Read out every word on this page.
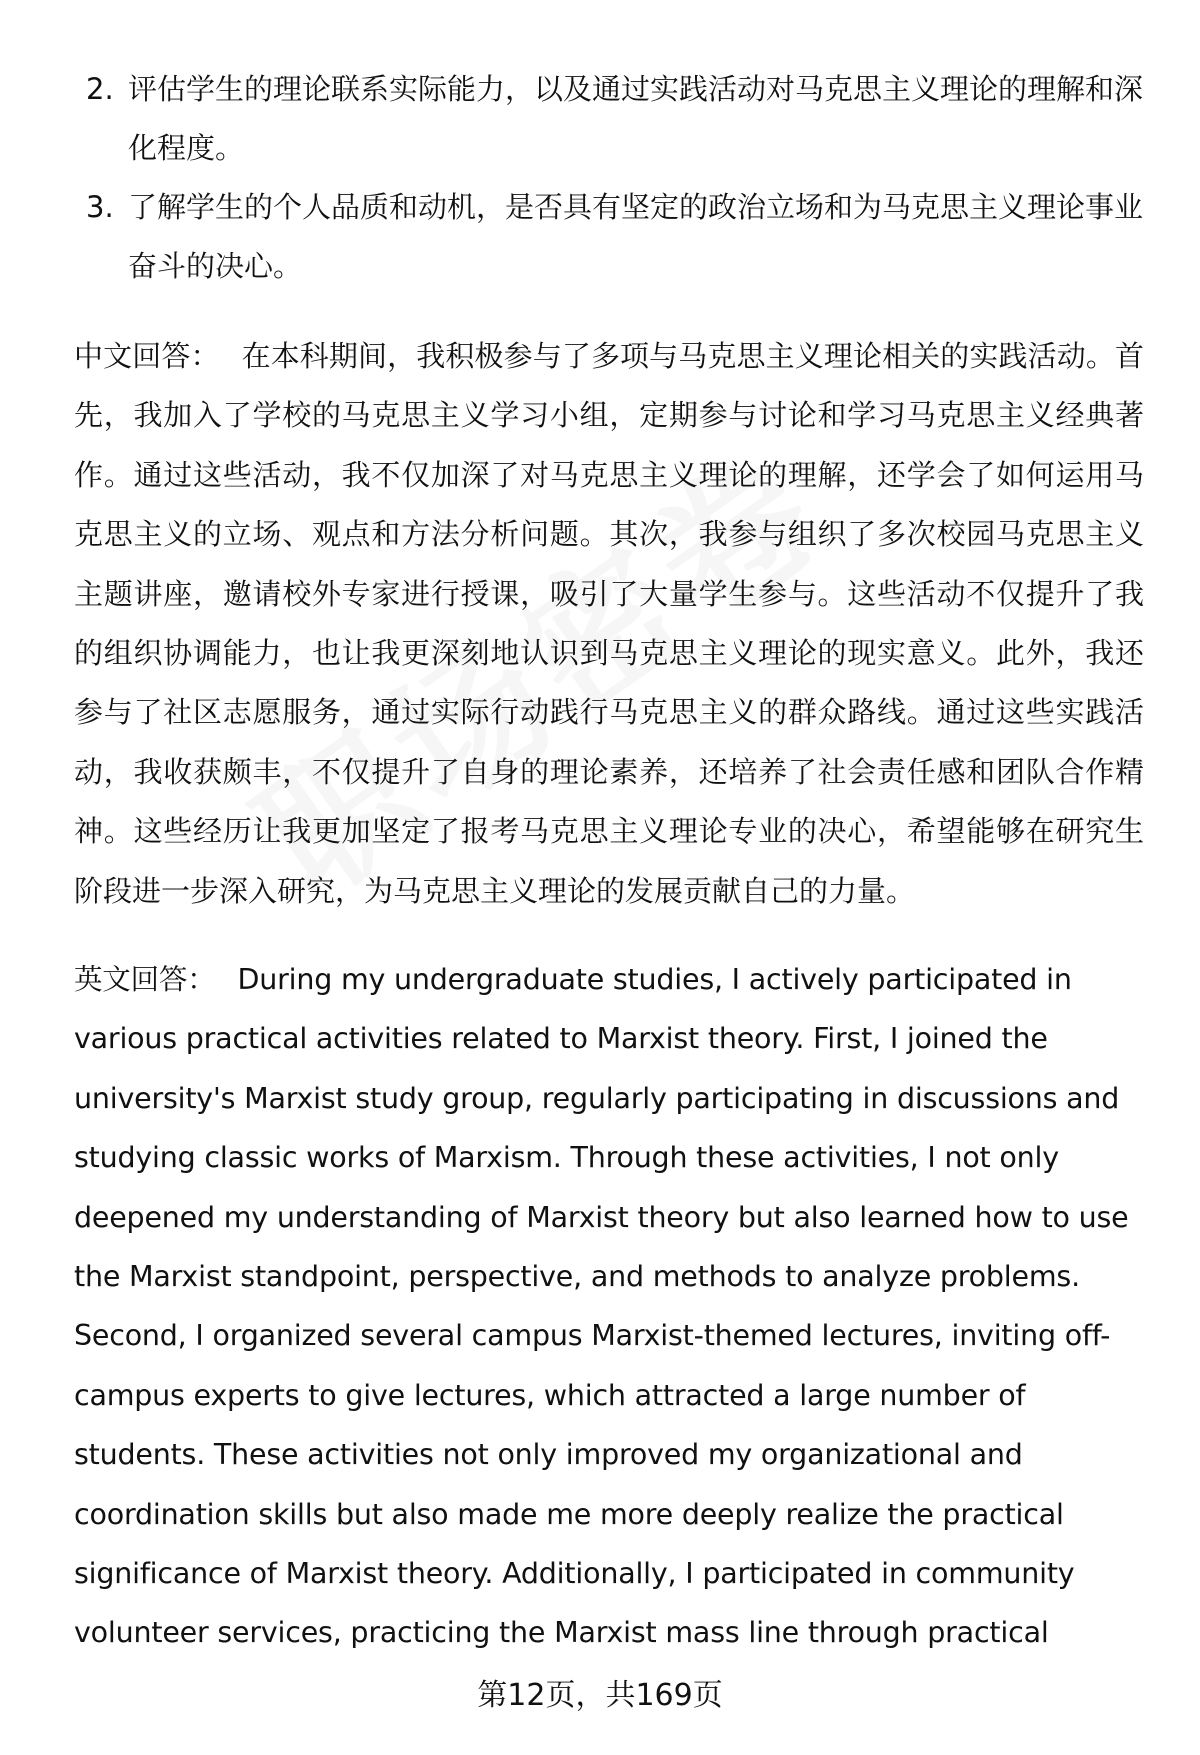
2. 评估学生的理论联系实际能力，以及通过实践活动对马克思主义理论的理解和深化程度。
3. 了解学生的个人品质和动机，是否具有坚定的政治立场和为马克思主义理论事业奋斗的决心。

中文回答： 在本科期间，我积极参与了多项与马克思主义理论相关的实践活动。首先，我加入了学校的马克思主义学习小组，定期参与讨论和学习马克思主义经典著作。通过这些活动，我不仅加深了对马克思主义理论的理解，还学会了如何运用马克思主义的立场、观点和方法分析问题。其次，我参与组织了多次校园马克思主义主题讲座，邀请校外专家进行授课，吸引了大量学生参与。这些活动不仅提升了我的组织协调能力，也让我更深刻地认识到马克思主义理论的现实意义。此外，我还参与了社区志愿服务，通过实际行动践行马克思主义的群众路线。通过这些实践活动，我收获颇丰，不仅提升了自身的理论素养，还培养了社会责任感和团队合作精神。这些经历让我更加坚定了报考马克思主义理论专业的决心，希望能够在研究生阶段进一步深入研究，为马克思主义理论的发展贡献自己的力量。

英文回答： During my undergraduate studies, I actively participated in various practical activities related to Marxist theory. First, I joined the university's Marxist study group, regularly participating in discussions and studying classic works of Marxism. Through these activities, I not only deepened my understanding of Marxist theory but also learned how to use the Marxist standpoint, perspective, and methods to analyze problems. Second, I organized several campus Marxist-themed lectures, inviting off-campus experts to give lectures, which attracted a large number of students. These activities not only improved my organizational and coordination skills but also made me more deeply realize the practical significance of Marxist theory. Additionally, I participated in community volunteer services, practicing the Marxist mass line through practical

第12页，共169页
